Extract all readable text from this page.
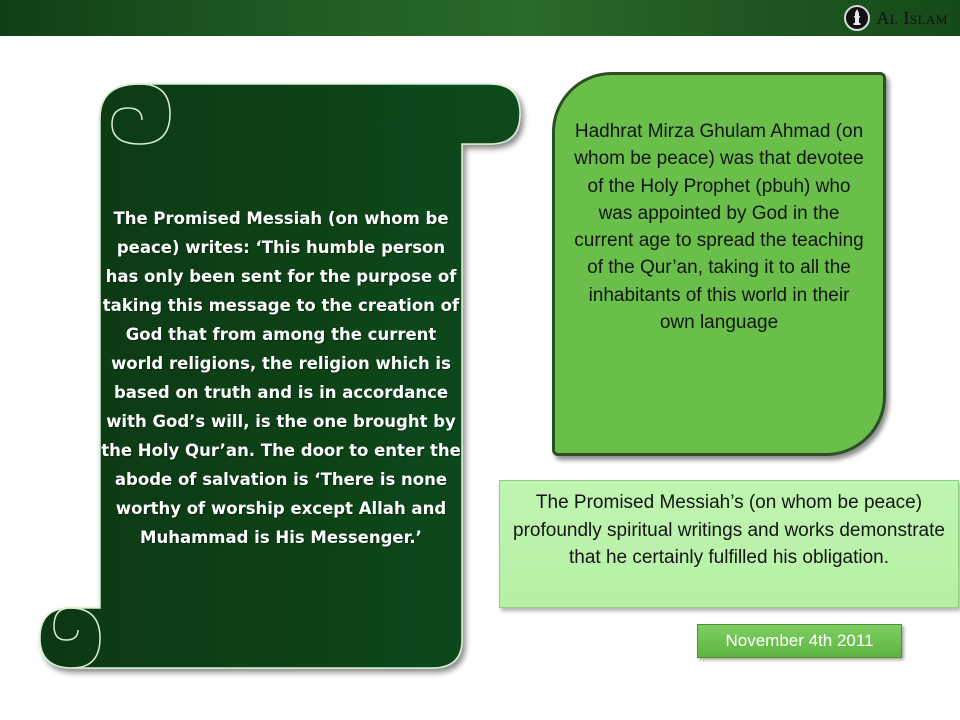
Al Islam
The Promised Messiah (on whom be peace) writes: ‘This humble person has only been sent for the purpose of taking this message to the creation of God that from among the current world religions, the religion which is based on truth and is in accordance with God’s will, is the one brought by the Holy Qur’an. The door to enter the abode of salvation is ‘There is none worthy of worship except Allah and Muhammad is His Messenger.’
Hadhrat Mirza Ghulam Ahmad (on whom be peace) was that devotee of the Holy Prophet (pbuh) who was appointed by God in the current age to spread the teaching of the Qur’an, taking it to all the inhabitants of this world in their own language
The Promised Messiah’s (on whom be peace) profoundly spiritual writings and works demonstrate that he certainly fulfilled his obligation.
November 4th 2011
